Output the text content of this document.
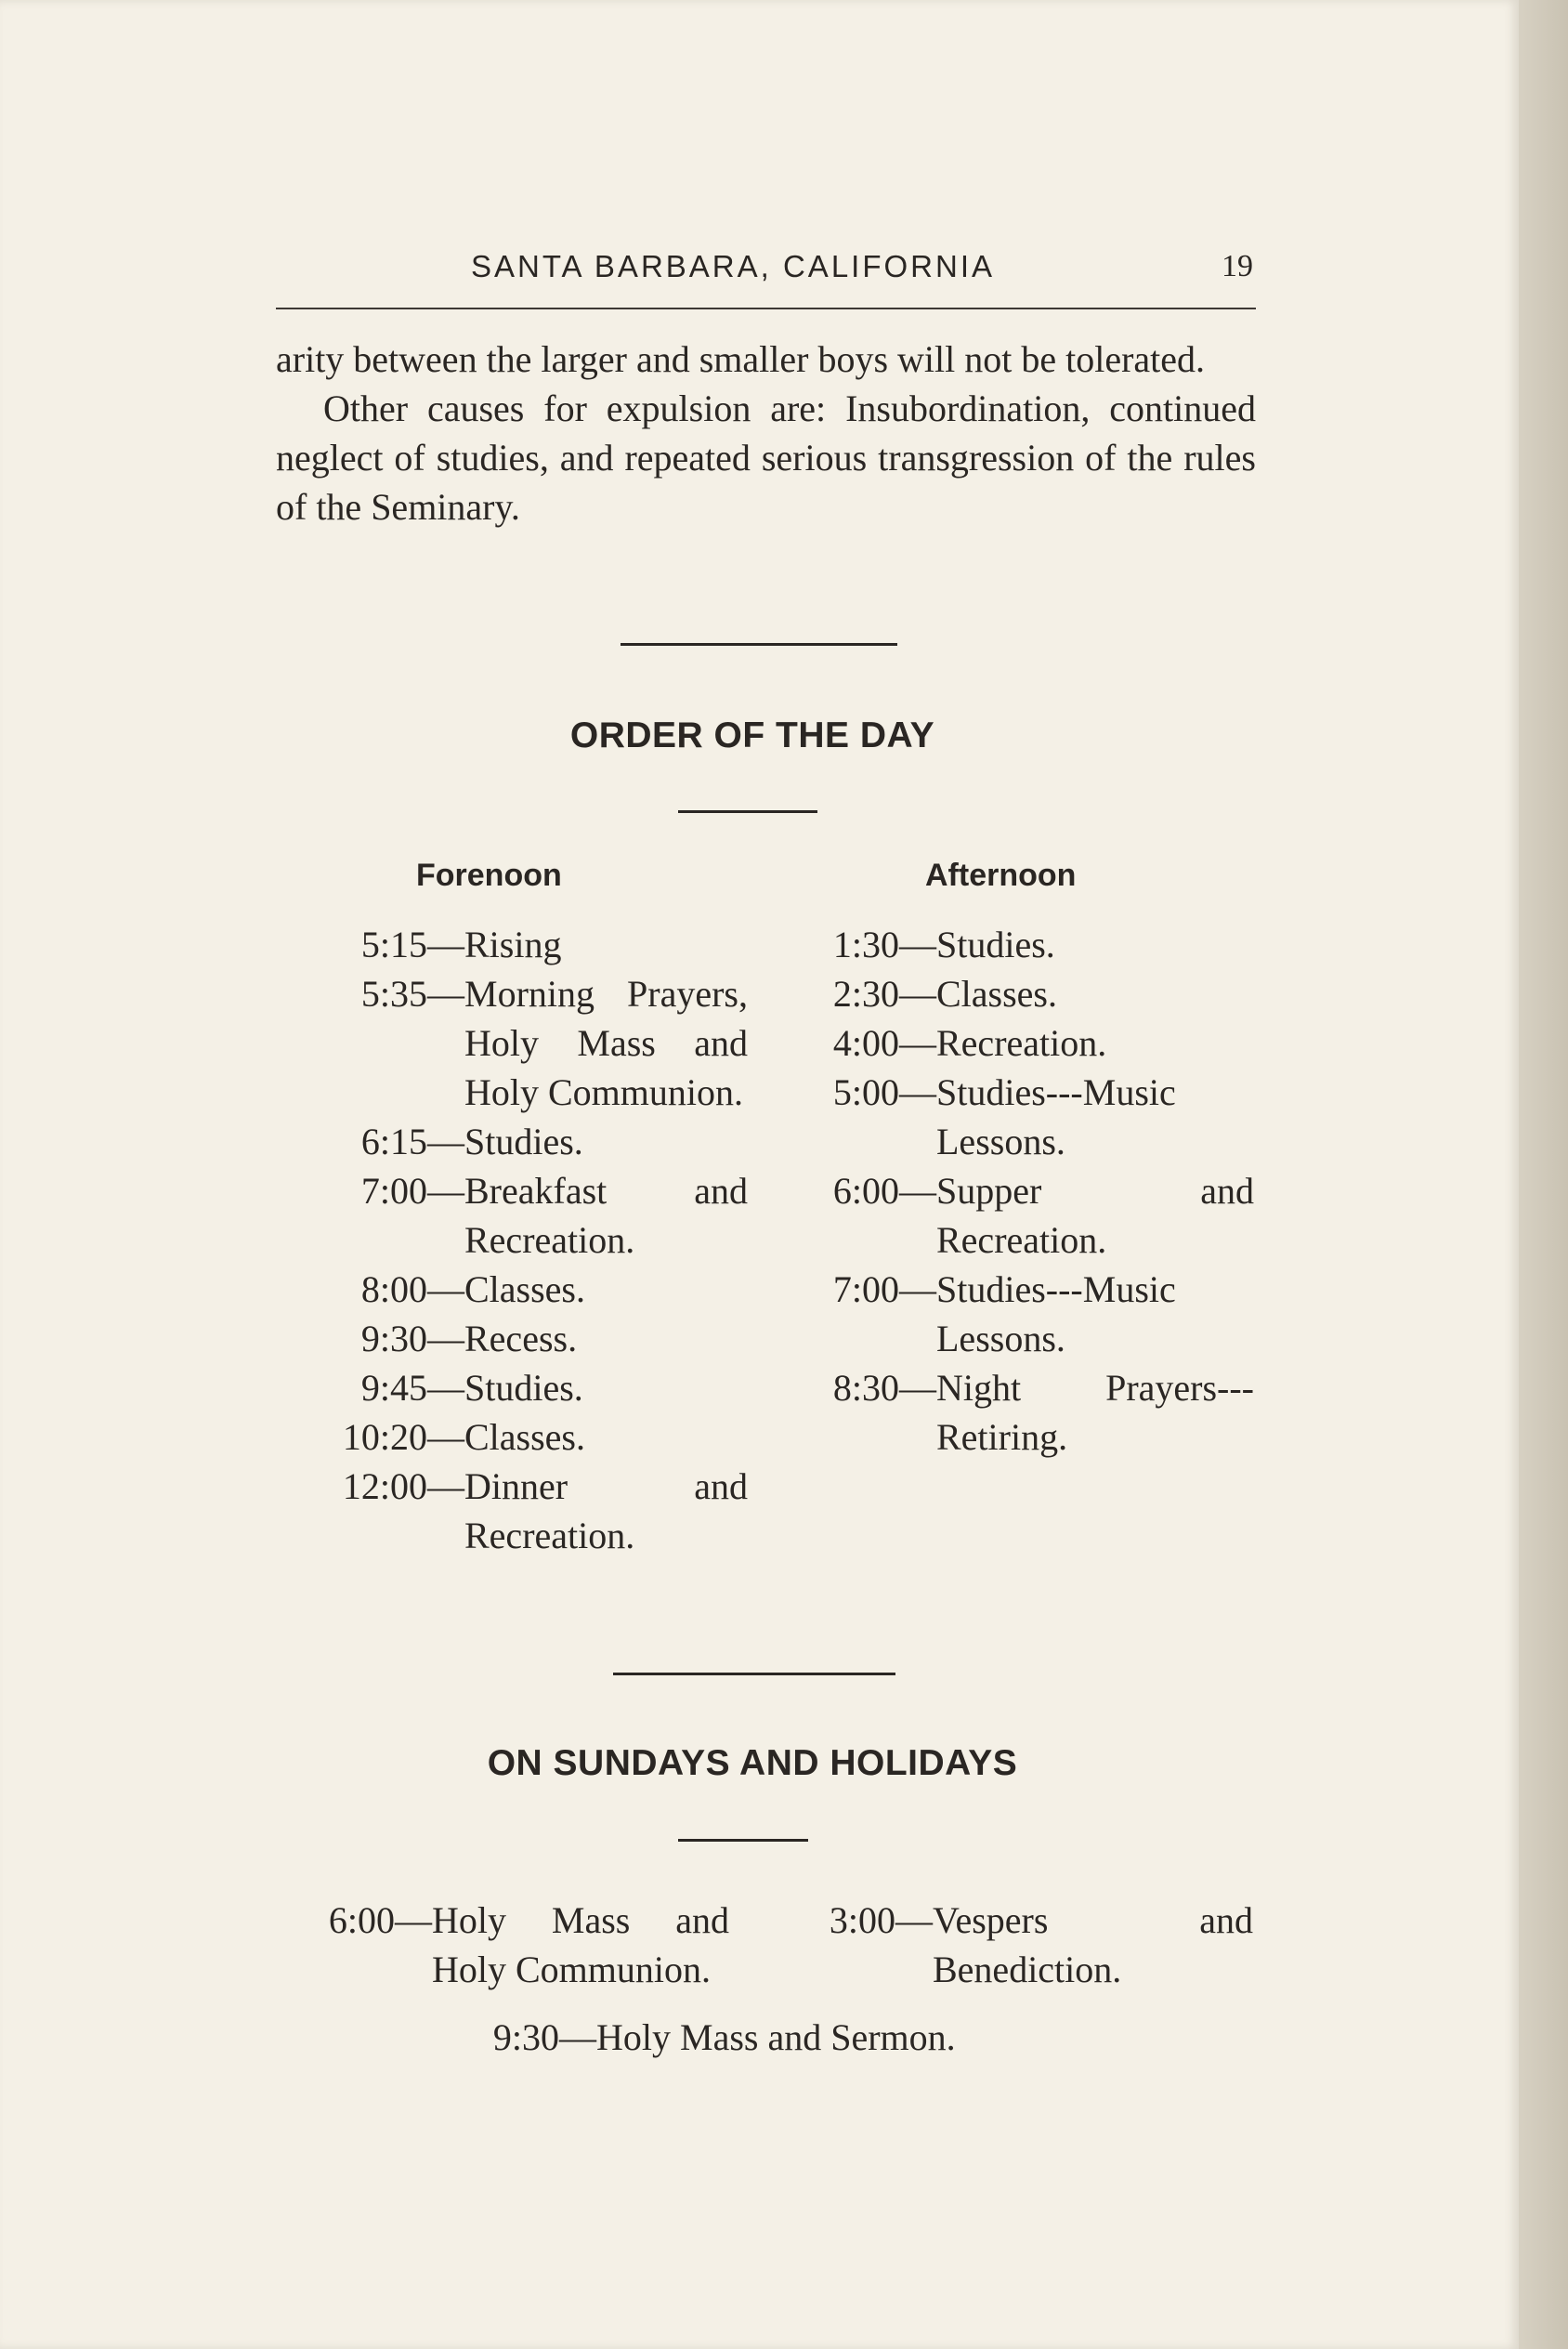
SANTA BARBARA, CALIFORNIA	19

arity between the larger and smaller boys will not be tolerated.

Other causes for expulsion are: Insubordination, continued neglect of studies, and repeated serious transgression of the rules of the Seminary.

ORDER OF THE DAY
Forenoon	Afternoon
5:15 — Rising
5:35 — Morning Prayers, Holy Mass and Holy Communion.
6:15 — Studies.
7:00 — Breakfast and Recreation.
8:00 — Classes.
9:30 — Recess.
9:45 — Studies.
10:20 — Classes.
12:00 — Dinner and Recreation.
1:30 — Studies.
2:30 — Classes.
4:00 — Recreation.
5:00 — Studies---Music Lessons.
6:00 — Supper and Recreation.
7:00 — Studies---Music Lessons.
8:30 — Night Prayers---Retiring.
ON SUNDAYS AND HOLIDAYS
6:00 — Holy Mass and Holy Communion.
3:00 — Vespers and Benediction.
9:30 — Holy Mass and Sermon.
